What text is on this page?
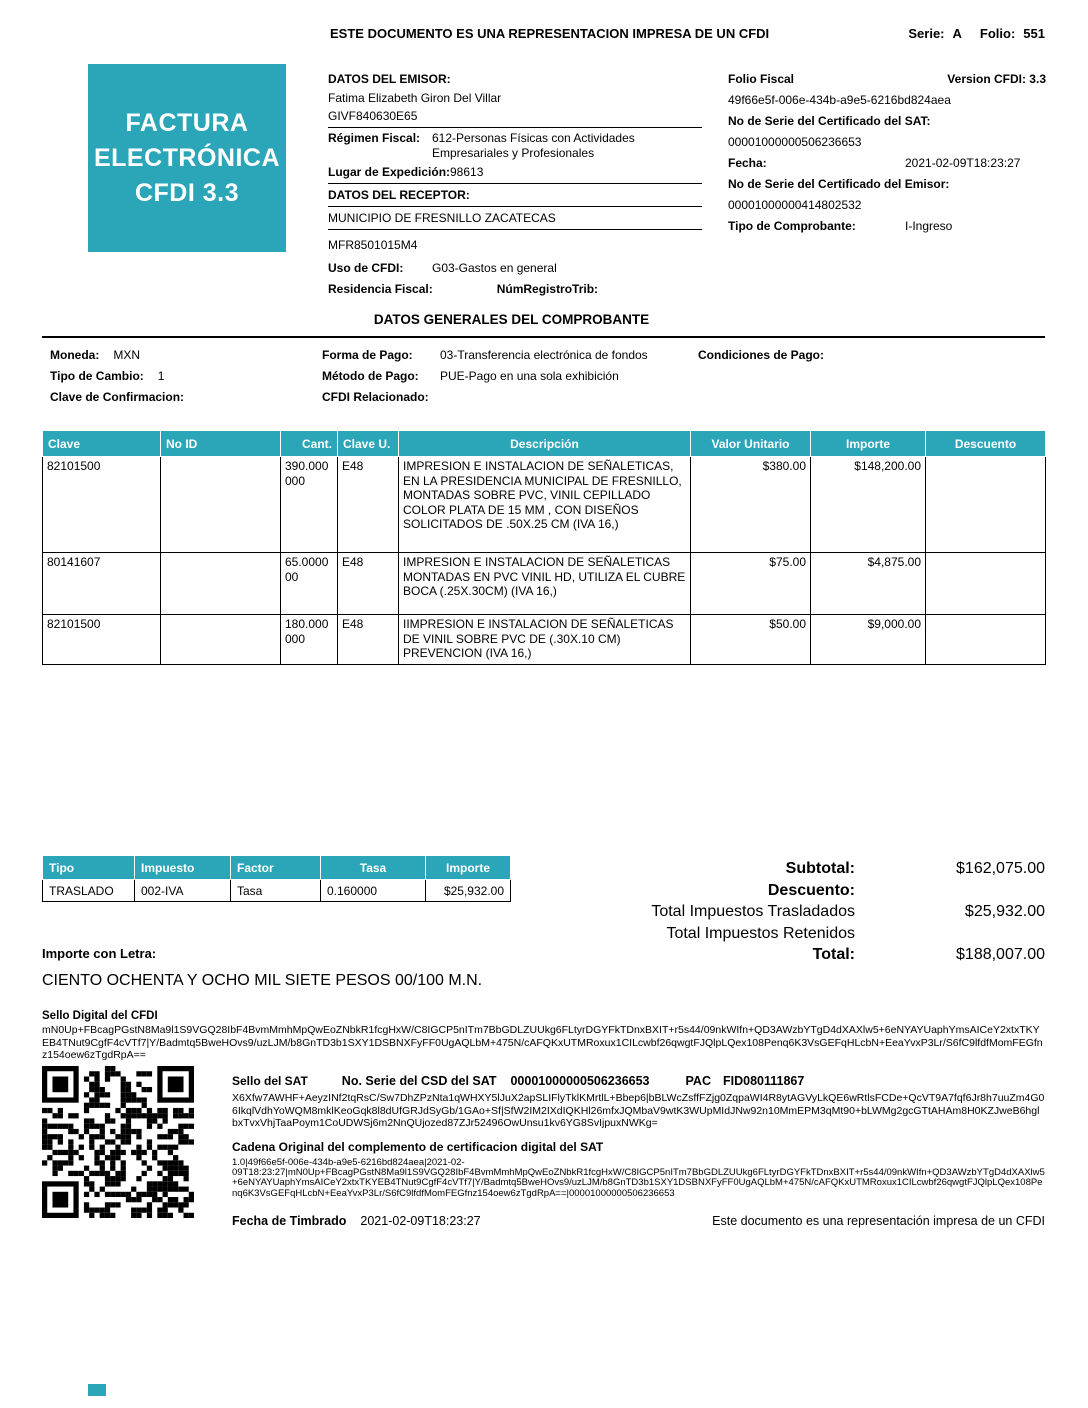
ESTE DOCUMENTO ES UNA REPRESENTACION IMPRESA DE UN CFDI	Serie: A Folio: 551
FACTURA
ELECTRÓNICA
CFDI 3.3
DATOS DEL EMISOR:
Fatima Elizabeth Giron Del Villar
GIVF840630E65
Régimen Fiscal: 612-Personas Físicas con Actividades Empresariales y Profesionales
Lugar de Expedición: 98613
DATOS DEL RECEPTOR:
MUNICIPIO DE FRESNILLO ZACATECAS
MFR8501015M4
Uso de CFDI:	G03-Gastos en general
Residencia Fiscal:	NúmRegistroTrib:
Folio Fiscal	Version CFDI: 3.3
49f66e5f-006e-434b-a9e5-6216bd824aea
No de Serie del Certificado del SAT:
00001000000506236653
Fecha:	2021-02-09T18:23:27
No de Serie del Certificado del Emisor:
00001000000414802532
Tipo de Comprobante:	I-Ingreso
DATOS GENERALES DEL COMPROBANTE
Moneda: MXN
Tipo de Cambio: 1
Clave de Confirmacion:
Forma de Pago:	03-Transferencia electrónica de fondos
Método de Pago:	PUE-Pago en una sola exhibición
CFDI Relacionado:
Condiciones de Pago:
Clave	No ID	Cant.	Clave U.	Descripción	Valor Unitario	Importe	Descuento
82101500		390.000000	E48	IMPRESION E INSTALACION DE SEÑALETICAS, EN LA PRESIDENCIA MUNICIPAL DE FRESNILLO, MONTADAS SOBRE PVC, VINIL CEPILLADO COLOR PLATA DE 15 MM , CON DISEÑOS SOLICITADOS DE .50X.25 CM (IVA 16,)	$380.00	$148,200.00	
80141607		65.000000	E48	IMPRESION E INSTALACION DE SEÑALETICAS MONTADAS EN PVC VINIL HD, UTILIZA EL CUBRE BOCA (.25X.30CM) (IVA 16,)	$75.00	$4,875.00	
82101500		180.000000	E48	IIMPRESION E INSTALACION DE SEÑALETICAS DE VINIL SOBRE PVC DE (.30X.10 CM) PREVENCION (IVA 16,)	$50.00	$9,000.00	
Tipo	Impuesto	Factor	Tasa	Importe
TRASLADO	002-IVA	Tasa	0.160000	$25,932.00
Subtotal:	$162,075.00
Descuento:
Total Impuestos Trasladados	$25,932.00
Total Impuestos Retenidos
Total:	$188,007.00
Importe con Letra:
CIENTO OCHENTA Y OCHO MIL SIETE PESOS 00/100 M.N.
Sello Digital del CFDI
mN0Up+FBcagPGstN8Ma9l1S9VGQ28IbF4BvmMmhMpQwEoZNbkR1fcgHxW/C8IGCP5nITm7BbGDLZUUkg6FLtyrDGYFkTDnxBXIT+r5s44/09nkWIfn+QD3AWzbYTgD4dXAXlw5+6eNYAYUaphYmsAICeY2xtxTKYEB4TNut9CgfF4cVTf7|Y/Badmtq5BweHOvs9/uzLJM/b8GnTD3b1SXY1DSBNXFyFF0UgAQLbM+475N/cAFQKxUTMRoxux1CILcwbf26qwgtFJQlpLQex108Penq6K3VsGEFqHLcbN+EeaYvxP3Lr/S6fC9lfdfMomFEGfnz154oew6zTgdRpA==
Sello del SAT	No. Serie del CSD del SAT 00001000000506236653	PAC FID080111867
X6Xfw7AWHF+AeyzINf2tqRsC/Sw7DhZPzNta1qWHXY5lJuX2apSLIFlyTklKMrtlL+Bbep6|bBLWcZsffFZjg0ZqpaWI4R8ytAGVyLkQE6wRtlsFCDe+QcVT9A7fqf6Jr8h7uuZm4G06IkqlVdhYoWQM8mklKeoGqk8l8dUfGRJdSyGb/1GAo+Sf|SfW2IM2IXdIQKHl26mfxJQMbaV9wtK3WUpMIdJNw92n10MmEPM3qMt90+bLWMg2gcGTtAHAm8H0KZJweB6hglbxTvxVhjTaaPoym1CoUDWSj6m2NnQUjozed87ZJr52496OwUnsu1kv6YG8SvIjpuxNWKg=
Cadena Original del complemento de certificacion digital del SAT
1.0|49f66e5f-006e-434b-a9e5-6216bd824aea|2021-02-
09T18:23:27|mN0Up+FBcagPGstN8Ma9l1S9VGQ28IbF4BvmMmhMpQwEoZNbkR1fcgHxW/C8IGCP5nITm7BbGDLZUUkg6FLtyrDGYFkTDnxBXIT+r5s44/09nkWIfn+QD3AWzbYTgD4dXAXlw5+6eNYAYUaphYmsAICeY2xtxTKYEB4TNut9CgfF4cVTf7|Y/Badmtq5BweHOvs9/uzLJM/b8GnTD3b1SXY1DSBNXFyFF0UgAQLbM+475N/cAFQKxUTMRoxux1CILcwbf26qwgtFJQlpLQex108Penq6K3VsGEFqHLcbN+EeaYvxP3Lr/S6fC9lfdfMomFEGfnz154oew6zTgdRpA==|00001000000506236653
Fecha de Timbrado 2021-02-09T18:23:27	Este documento es una representación impresa de un CFDI
